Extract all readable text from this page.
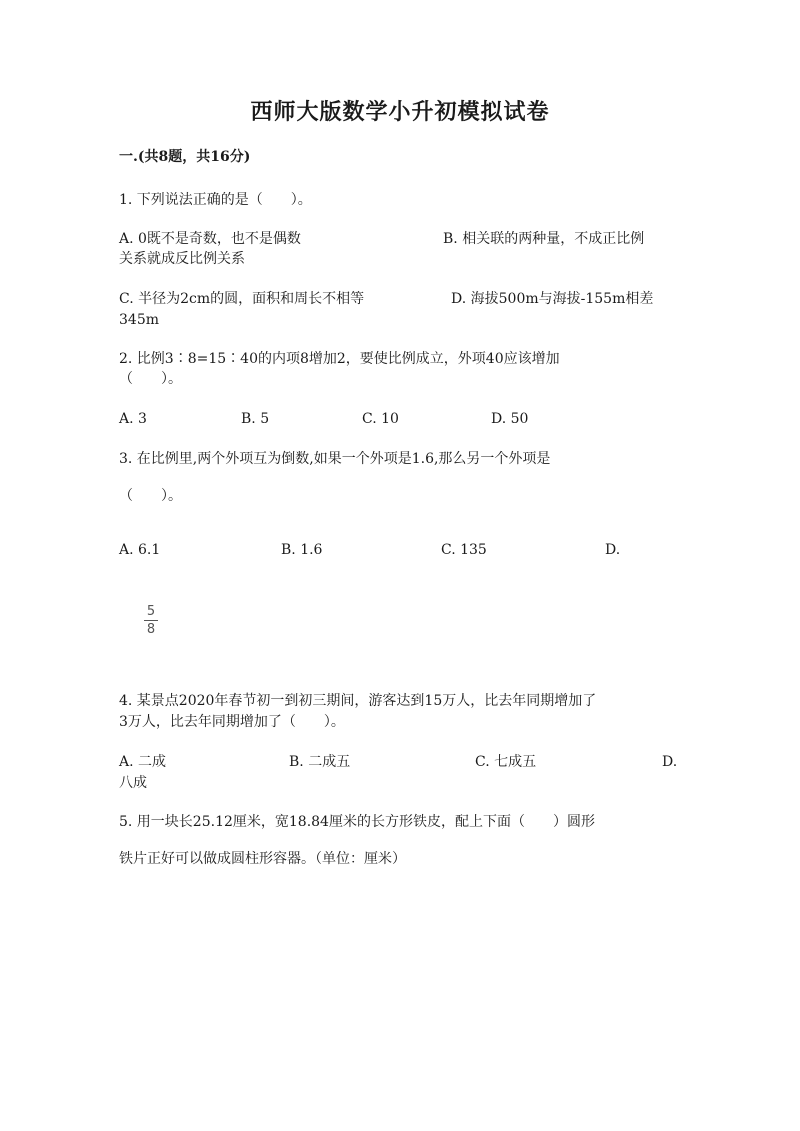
西师大版数学小升初模拟试卷
一.(共8题，共16分)
1. 下列说法正确的是（　　）。
A. 0既不是奇数，也不是偶数	B. 相关联的两种量，不成正比例
关系就成反比例关系
C. 半径为2cm的圆，面积和周长不相等	D. 海拔500m与海拔-155m相差
345m
2. 比例3∶8=15∶40的内项8增加2，要使比例成立，外项40应该增加
（　　）。
A. 3	B. 5	C. 10	D. 50
3. 在比例里,两个外项互为倒数,如果一个外项是1.6,那么另一个外项是
（　　）。
A. 6.1	B. 1.6	C. 135	D.
5
8
4. 某景点2020年春节初一到初三期间，游客达到15万人，比去年同期增加了
3万人，比去年同期增加了（　　）。
A. 二成	B. 二成五	C. 七成五	D.
八成
5. 用一块长25.12厘米，宽18.84厘米的长方形铁皮，配上下面（　　）圆形
铁片正好可以做成圆柱形容器。（单位：厘米）
